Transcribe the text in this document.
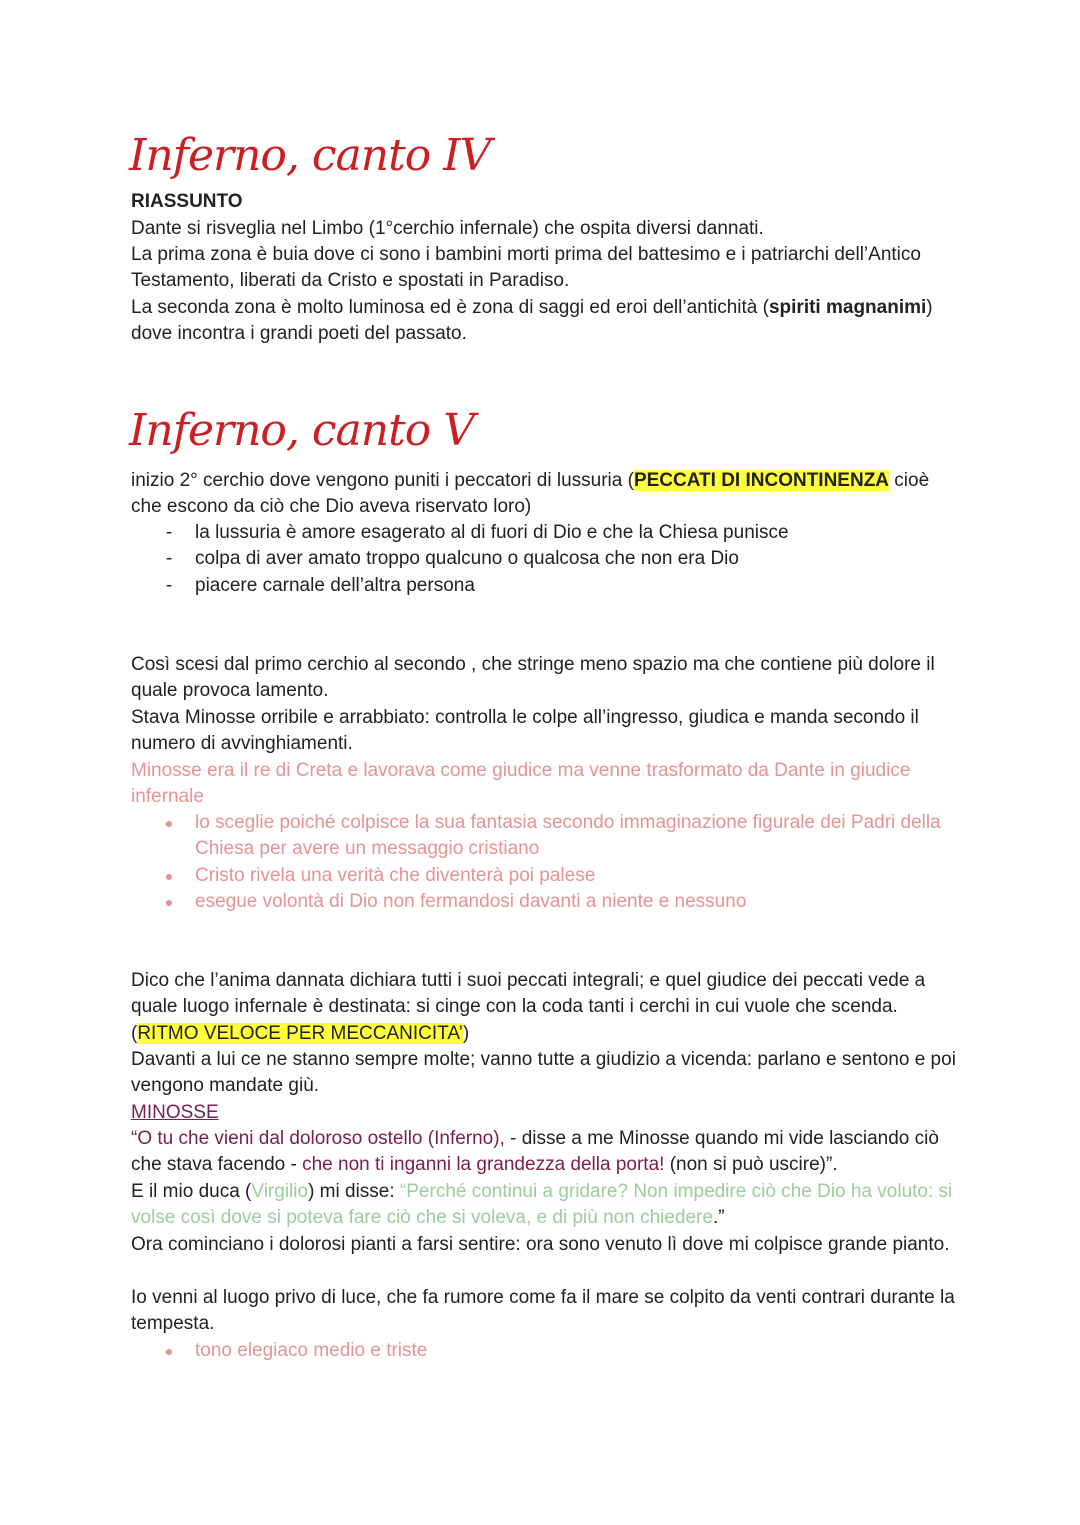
Inferno, canto IV
RIASSUNTO
Dante si risveglia nel Limbo (1°cerchio infernale) che ospita diversi dannati.
La prima zona è buia dove ci sono i bambini morti prima del battesimo e i patriarchi dell’Antico Testamento, liberati da Cristo e spostati in Paradiso.
La seconda zona è molto luminosa ed è zona di saggi ed eroi dell’antichità (spiriti magnanimi) dove incontra i grandi poeti del passato.
Inferno, canto V
inizio 2° cerchio dove vengono puniti i peccatori di lussuria (PECCATI DI INCONTINENZA cioè che escono da ciò che Dio aveva riservato loro)
- la lussuria è amore esagerato al di fuori di Dio e che la Chiesa punisce
- colpa di aver amato troppo qualcuno o qualcosa che non era Dio
- piacere carnale dell’altra persona
Così scesi dal primo cerchio al secondo , che stringe meno spazio ma che contiene più dolore il quale provoca lamento.
Stava Minosse orribile e arrabbiato: controlla le colpe all’ingresso, giudica e manda secondo il numero di avvinghiamenti.
Minosse era il re di Creta e lavorava come giudice ma venne trasformato da Dante in giudice infernale
● lo sceglie poiché colpisce la sua fantasia secondo immaginazione figurale dei Padri della Chiesa per avere un messaggio cristiano
● Cristo rivela una verità che diventerà poi palese
● esegue volontà di Dio non fermandosi davanti a niente e nessuno
Dico che l’anima dannata dichiara tutti i suoi peccati integrali; e quel giudice dei peccati vede a quale luogo infernale è destinata: si cinge con la coda tanti i cerchi in cui vuole che scenda. (RITMO VELOCE PER MECCANICITA’)
Davanti a lui ce ne stanno sempre molte; vanno tutte a giudizio a vicenda: parlano e sentono e poi vengono mandate giù.
MINOSSE
“O tu che vieni dal doloroso ostello (Inferno), - disse a me Minosse quando mi vide lasciando ciò che stava facendo - che non ti inganni la grandezza della porta! (non si può uscire)”.
E il mio duca (Virgilio) mi disse: “Perché continui a gridare? Non impedire ciò che Dio ha voluto: si volse così dove si poteva fare ciò che si voleva, e di più non chiedere.”
Ora cominciano i dolorosi pianti a farsi sentire: ora sono venuto lì dove mi colpisce grande pianto.
Io venni al luogo privo di luce, che fa rumore come fa il mare se colpito da venti contrari durante la tempesta.
● tono elegiaco medio e triste
